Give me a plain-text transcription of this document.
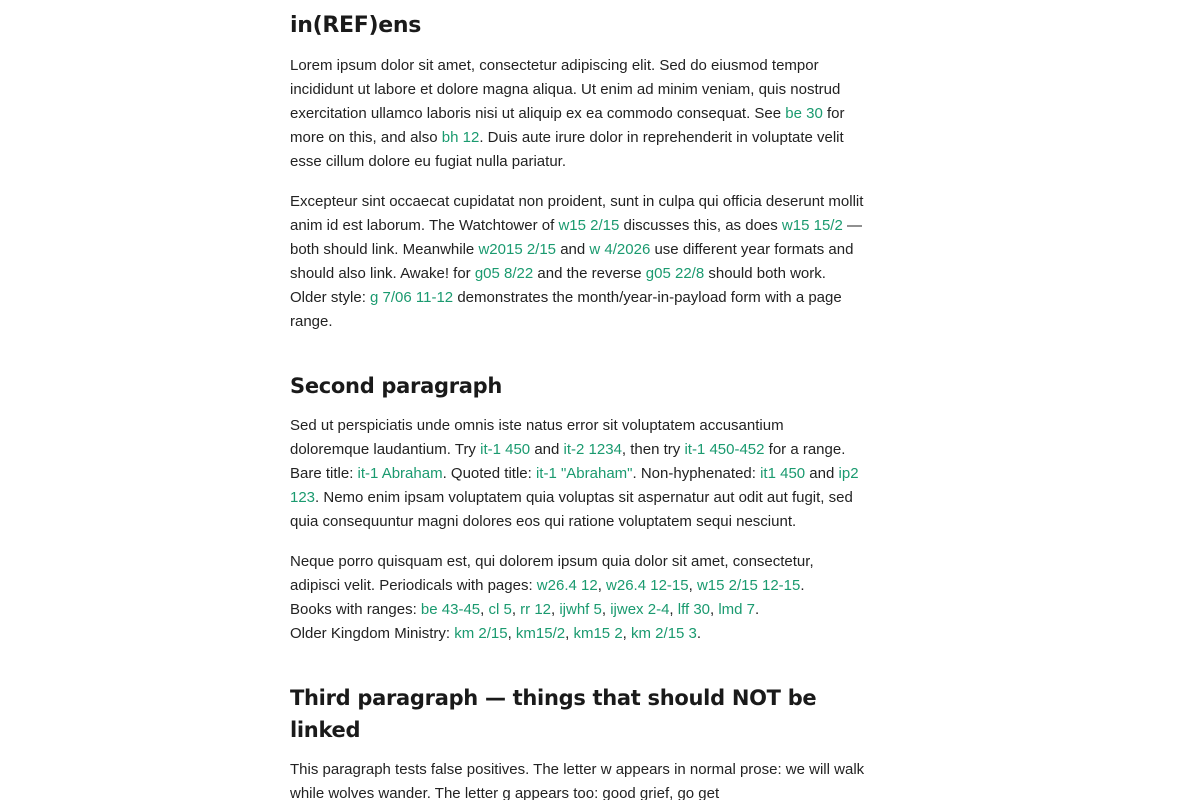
in(REF)ens

Lorem ipsum dolor sit amet, consectetur adipiscing elit. Sed do eiusmod tempor incididunt ut labore et dolore magna aliqua. Ut enim ad minim veniam, quis nostrud exercitation ullamco laboris nisi ut aliquip ex ea commodo consequat. See be 30 for more on this, and also bh 12. Duis aute irure dolor in reprehenderit in voluptate velit esse cillum dolore eu fugiat nulla pariatur.

Excepteur sint occaecat cupidatat non proident, sunt in culpa qui officia deserunt mollit anim id est laborum. The Watchtower of w15 2/15 discusses this, as does w15 15/2 — both should link. Meanwhile w2015 2/15 and w 4/2026 use different year formats and should also link. Awake! for g05 8/22 and the reverse g05 22/8 should both work. Older style: g 7/06 11-12 demonstrates the month/year-in-payload form with a page range.

Second paragraph

Sed ut perspiciatis unde omnis iste natus error sit voluptatem accusantium doloremque laudantium. Try it-1 450 and it-2 1234, then try it-1 450-452 for a range. Bare title: it-1 Abraham. Quoted title: it-1 "Abraham". Non-hyphenated: it1 450 and ip2 123. Nemo enim ipsam voluptatem quia voluptas sit aspernatur aut odit aut fugit, sed quia consequuntur magni dolores eos qui ratione voluptatem sequi nesciunt.

Neque porro quisquam est, qui dolorem ipsum quia dolor sit amet, consectetur, adipisci velit. Periodicals with pages: w26.4 12, w26.4 12-15, w15 2/15 12-15.
Books with ranges: be 43-45, cl 5, rr 12, ijwhf 5, ijwex 2-4, lff 30, lmd 7.
Older Kingdom Ministry: km 2/15, km15/2, km15 2, km 2/15 3.

Third paragraph — things that should NOT be linked

This paragraph tests false positives. The letter w appears in normal prose: we will walk while wolves wander. The letter g appears too: good grief, go get
